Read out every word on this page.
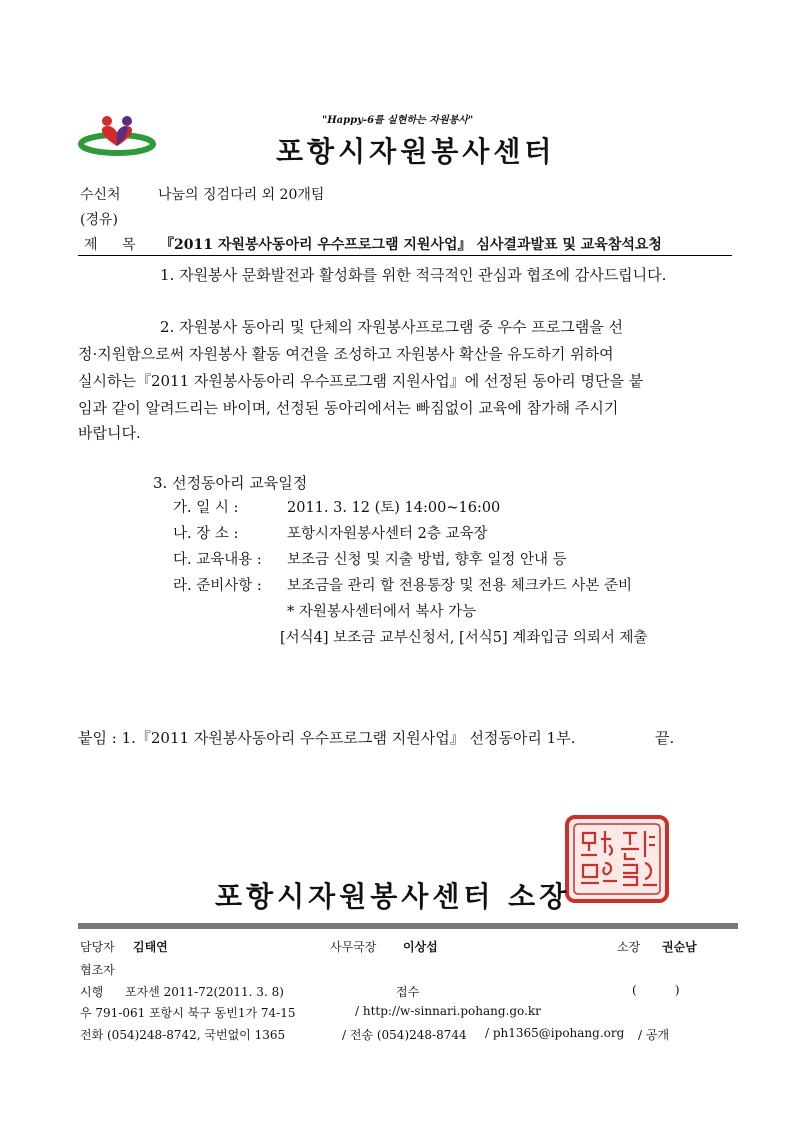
"Happy-6를 실현하는 자원봉사"
포항시자원봉사센터
수신처	나눔의 징검다리 외 20개팀
(경유)
제 목 『2011 자원봉사동아리 우수프로그램 지원사업』 심사결과발표 및 교육참석요청
1. 자원봉사 문화발전과 활성화를 위한 적극적인 관심과 협조에 감사드립니다.
2. 자원봉사 동아리 및 단체의 자원봉사프로그램 중 우수 프로그램을 선
정·지원함으로써 자원봉사 활동 여건을 조성하고 자원봉사 확산을 유도하기 위하여
실시하는『2011 자원봉사동아리 우수프로그램 지원사업』에 선정된 동아리 명단을 붙
임과 같이 알려드리는 바이며, 선정된 동아리에서는 빠짐없이 교육에 참가해 주시기
바랍니다.
3. 선정동아리 교육일정
가. 일 시 :	2011. 3. 12 (토) 14:00~16:00
나. 장 소 :	포항시자원봉사센터 2층 교육장
다. 교육내용 : 보조금 신청 및 지출 방법, 향후 일정 안내 등
라. 준비사항 : 보조금을 관리 할 전용통장 및 전용 체크카드 사본 준비
* 자원봉사센터에서 복사 가능
[서식4] 보조금 교부신청서, [서식5] 계좌입금 의뢰서 제출
붙임 : 1.『2011 자원봉사동아리 우수프로그램 지원사업』 선정동아리 1부.	끝.
포항시자원봉사센터 소장
담당자 김태연	사무국장 이상섭	소장 권순남
협조자
시행 포자센 2011-72(2011. 3. 8)	접수	(          )
우 791-061 포항시 북구 동빈1가 74-15	/ http://w-sinnari.pohang.go.kr
전화 (054)248-8742, 국번없이 1365	/ 전송 (054)248-8744 / ph1365@ipohang.org / 공개
